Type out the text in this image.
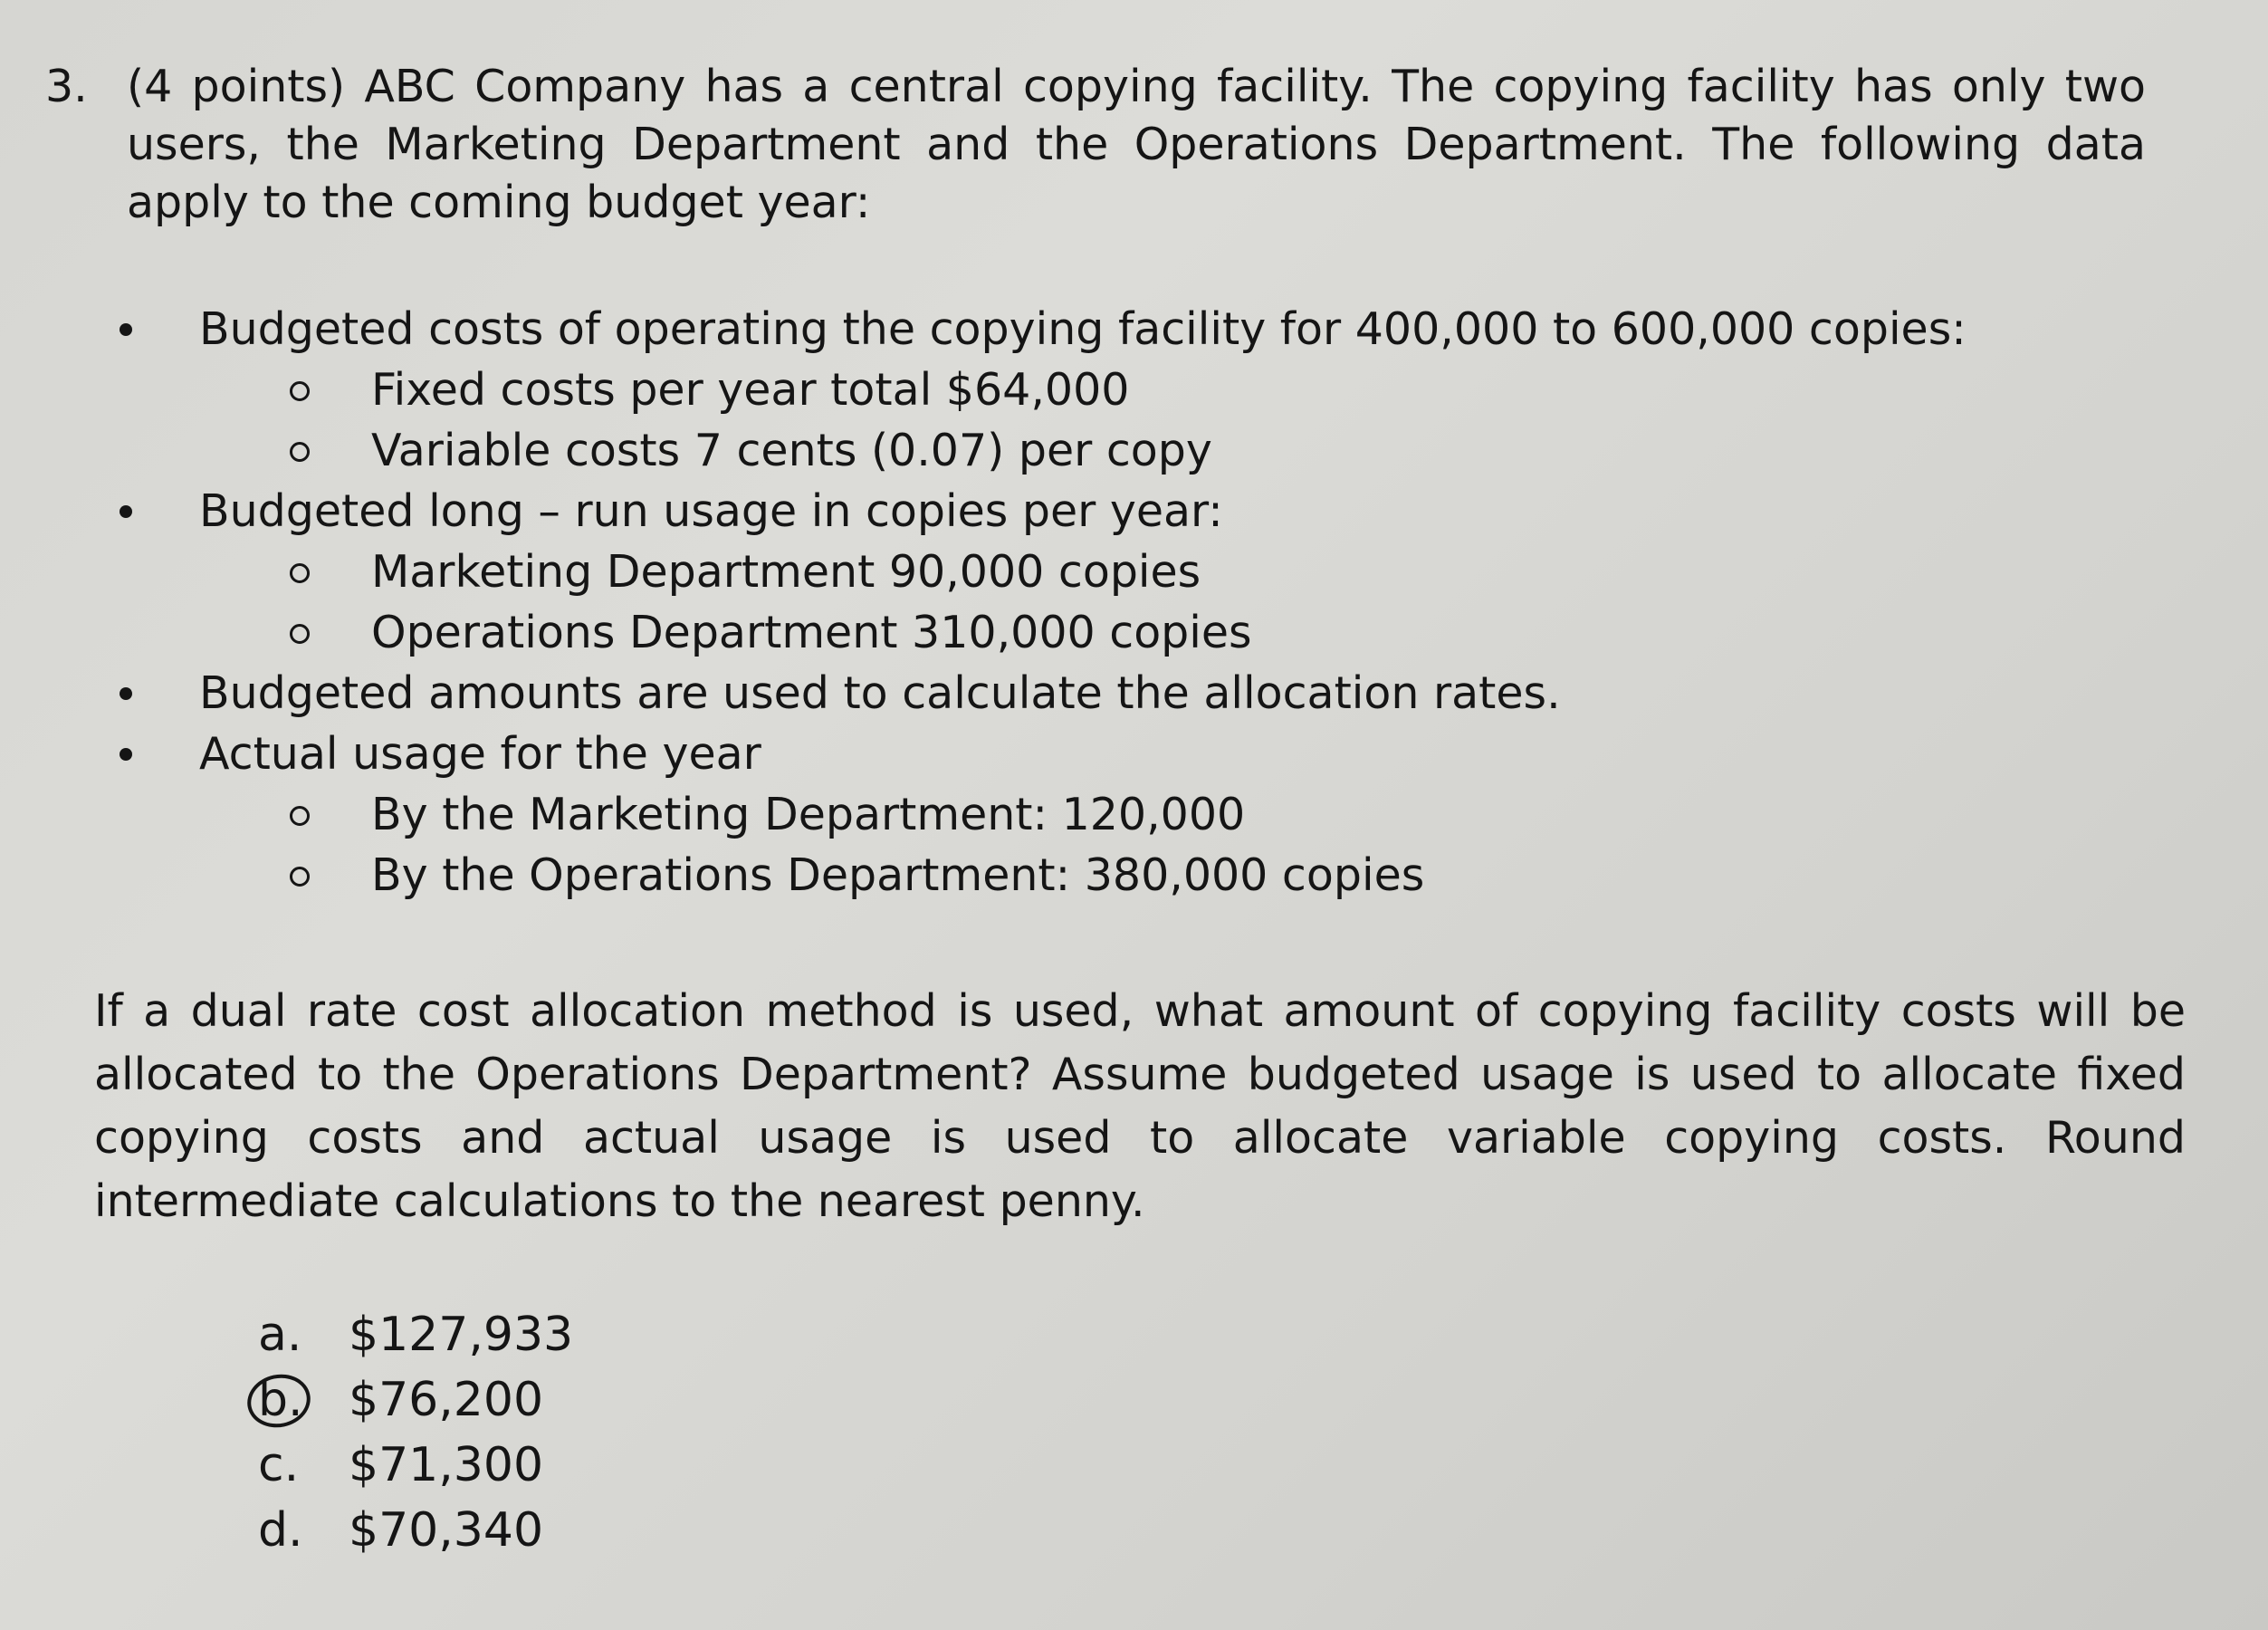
3. (4 points) ABC Company has a central copying facility. The copying facility has only two users, the Marketing Department and the Operations Department. The following data apply to the coming budget year:
Budgeted costs of operating the copying facility for 400,000 to 600,000 copies:
Fixed costs per year total $64,000
Variable costs 7 cents (0.07) per copy
Budgeted long – run usage in copies per year:
Marketing Department 90,000 copies
Operations Department 310,000 copies
Budgeted amounts are used to calculate the allocation rates.
Actual usage for the year
By the Marketing Department: 120,000
By the Operations Department: 380,000 copies
If a dual rate cost allocation method is used, what amount of copying facility costs will be allocated to the Operations Department? Assume budgeted usage is used to allocate fixed copying costs and actual usage is used to allocate variable copying costs. Round intermediate calculations to the nearest penny.
a. $127,933
b. $76,200
c.	$71,300
d. $70,340
